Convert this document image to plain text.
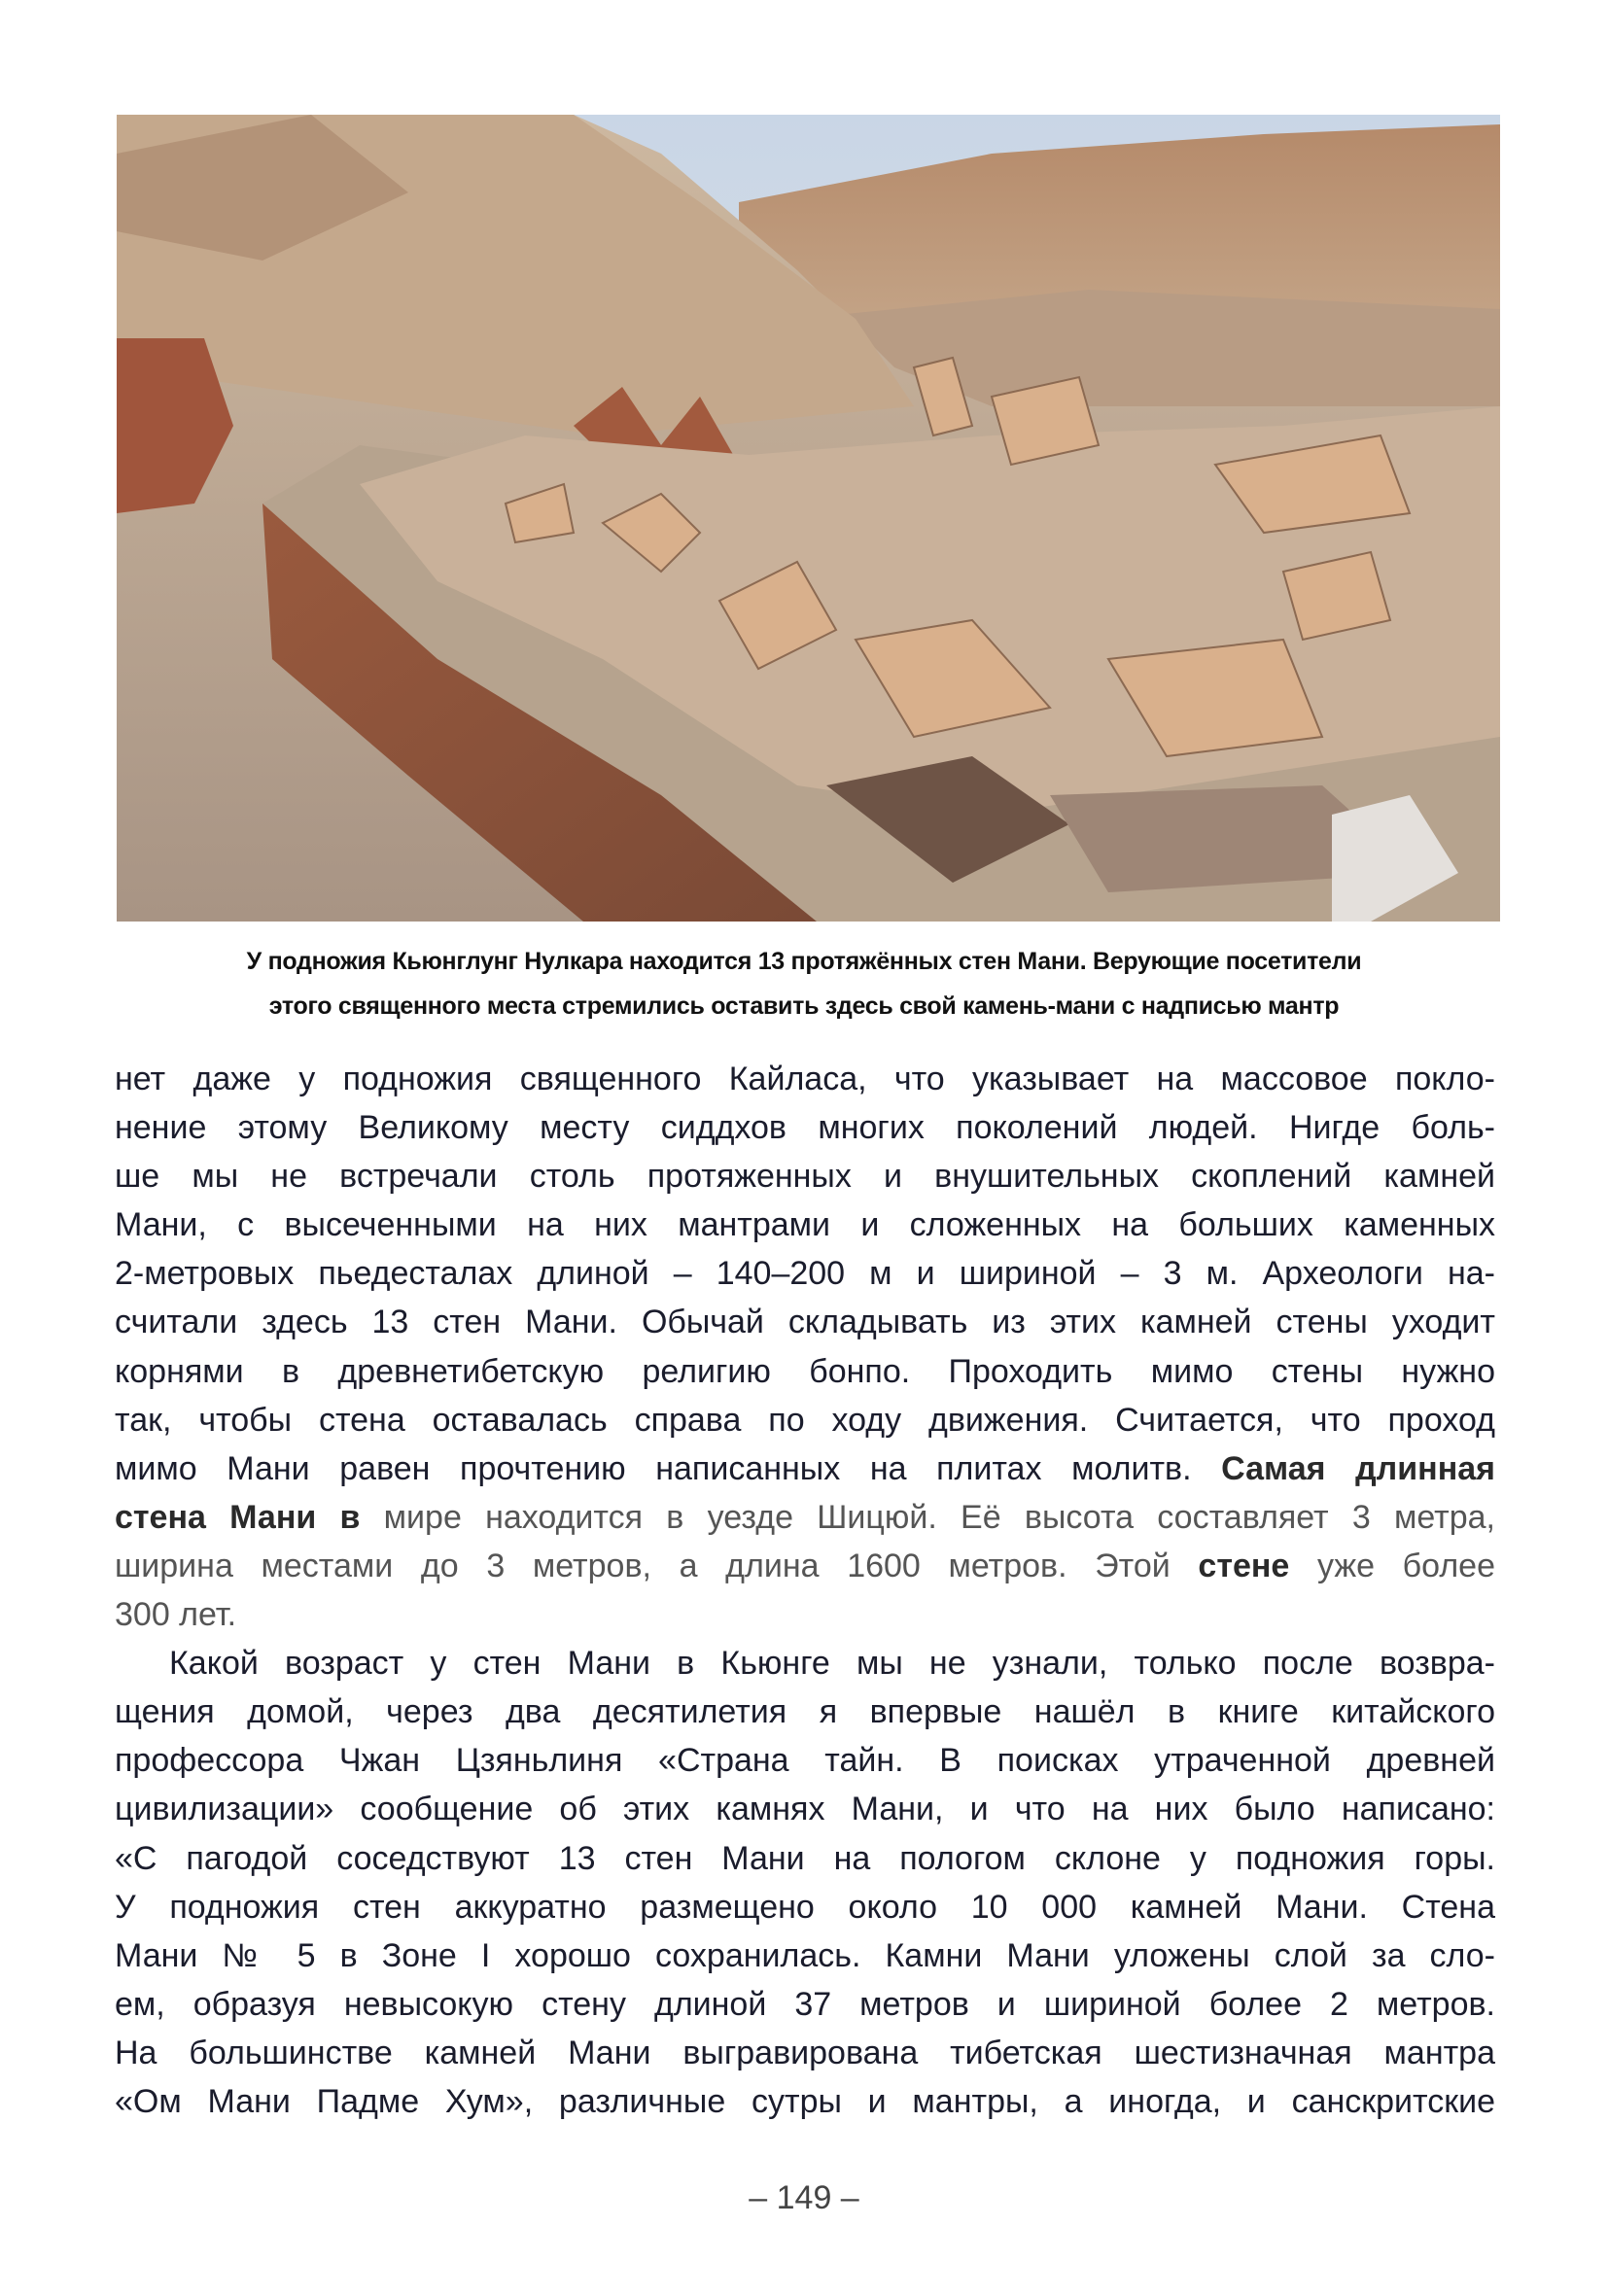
У подножия Кьюнглунг Нулкара находится 13 протяжённых стен Мани. Верующие посетители
этого священного места стремились оставить здесь свой камень-мани с надписью мантр
нет даже у подножия священного Кайласа, что указывает на массовое покло-
нение этому Великому месту сиддхов многих поколений людей. Нигде боль-
ше мы не встречали столь протяженных и внушительных скоплений камней
Мани, с высеченными на них мантрами и сложенных на больших каменных
2-метровых пьедесталах длиной – 140–200 м и шириной – 3 м. Археологи на-
считали здесь 13 стен Мани. Обычай складывать из этих камней стены уходит
корнями в древнетибетскую религию бонпо. Проходить мимо стены нужно
так, чтобы стена оставалась справа по ходу движения. Считается, что проход
мимо Мани равен прочтению написанных на плитах молитв. Самая длинная
стена Мани в мире находится в уезде Шицюй. Её высота составляет 3 метра,
ширина местами до 3 метров, а длина 1600 метров. Этой стене уже более
300 лет.
Какой возраст у стен Мани в Кьюнге мы не узнали, только после возвра-
щения домой, через два десятилетия я впервые нашёл в книге китайского
профессора Чжан Цзяньлиня «Страна тайн. В поисках утраченной древней
цивилизации» сообщение об этих камнях Мани, и что на них было написано:
«С пагодой соседствуют 13 стен Мани на пологом склоне у подножия горы.
У подножия стен аккуратно размещено около 10 000 камней Мани. Стена
Мани № 5 в Зоне I хорошо сохранилась. Камни Мани уложены слой за сло-
ем, образуя невысокую стену длиной 37 метров и шириной более 2 метров.
На большинстве камней Мани выгравирована тибетская шестизначная мантра
«Ом Мани Падме Хум», различные сутры и мантры, а иногда, и санскритские
– 149 –
